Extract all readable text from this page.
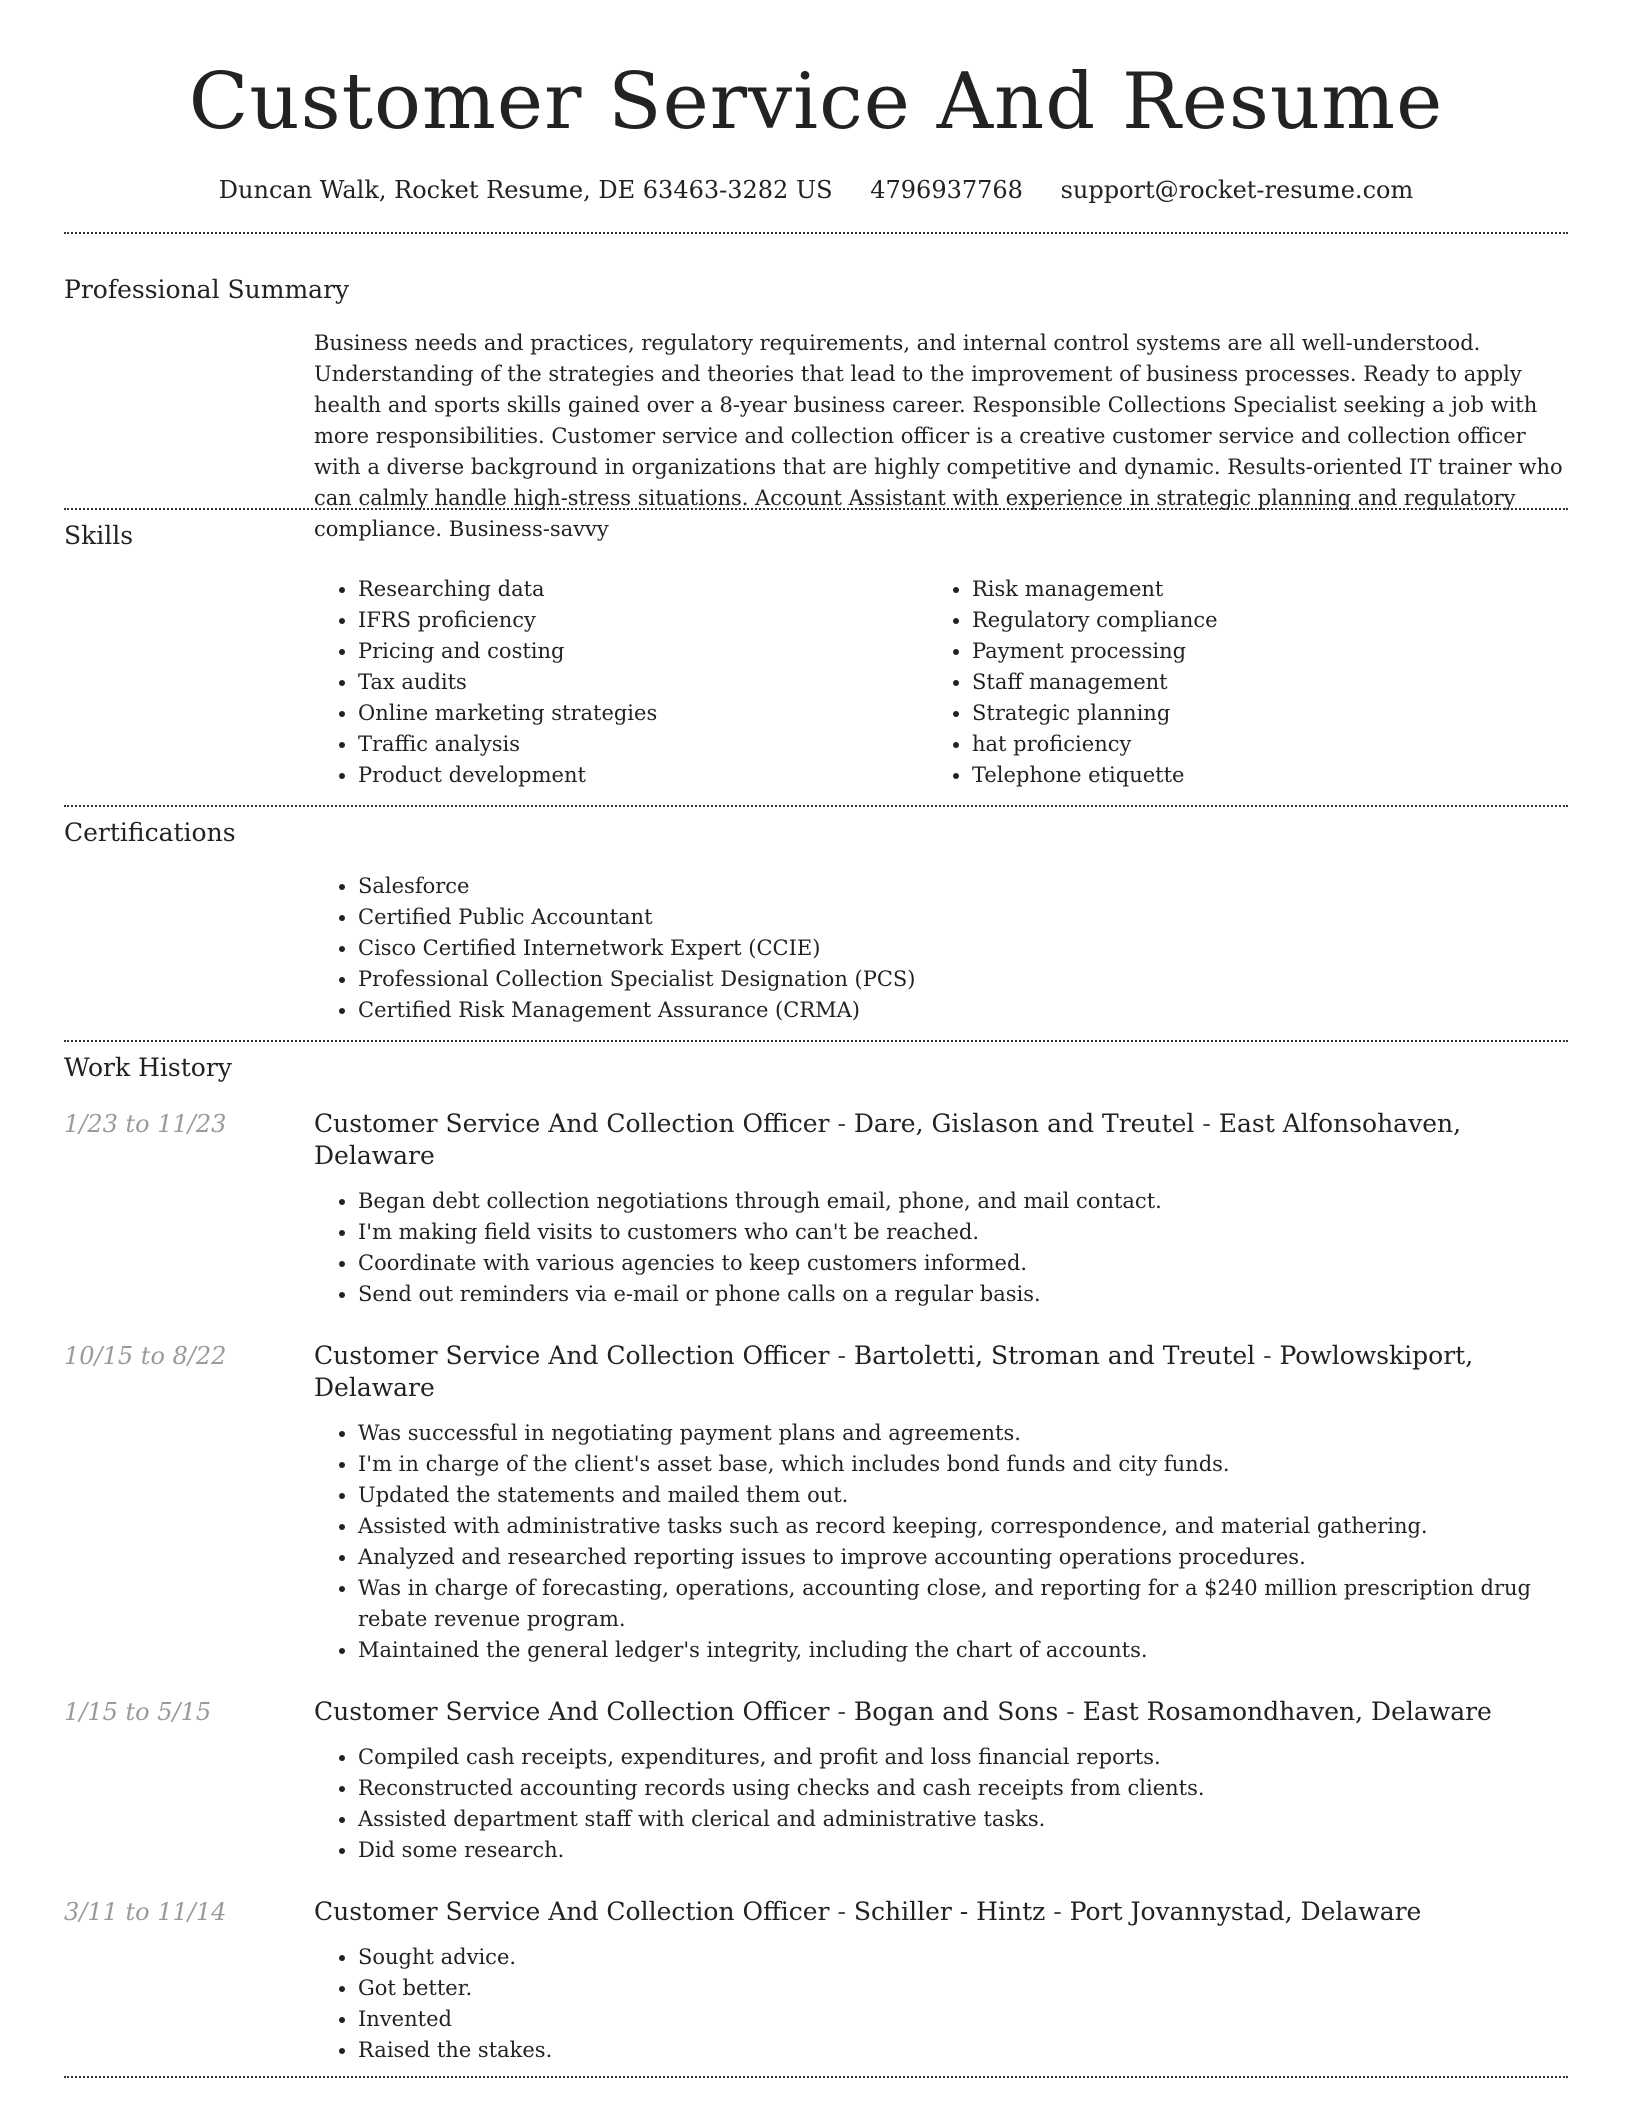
Customer Service And Resume
Duncan Walk, Rocket Resume, DE 63463-3282 US 4796937768 support@rocket-resume.com
Professional Summary

Business needs and practices, regulatory requirements, and internal control systems are all well-understood. Understanding of the strategies and theories that lead to the improvement of business processes. Ready to apply health and sports skills gained over a 8-year business career. Responsible Collections Specialist seeking a job with more responsibilities. Customer service and collection officer is a creative customer service and collection officer with a diverse background in organizations that are highly competitive and dynamic. Results-oriented IT trainer who can calmly handle high-stress situations. Account Assistant with experience in strategic planning and regulatory compliance. Business-savvy

Skills
• Researching data
• IFRS proficiency
• Pricing and costing
• Tax audits
• Online marketing strategies
• Traffic analysis
• Product development
• Risk management
• Regulatory compliance
• Payment processing
• Staff management
• Strategic planning
• hat proficiency
• Telephone etiquette
Certifications
• Salesforce
• Certified Public Accountant
• Cisco Certified Internetwork Expert (CCIE)
• Professional Collection Specialist Designation (PCS)
• Certified Risk Management Assurance (CRMA)
Work History
1/23 to 11/23	Customer Service And Collection Officer - Dare, Gislason and Treutel - East Alfonsohaven, Delaware
• Began debt collection negotiations through email, phone, and mail contact.
• I'm making field visits to customers who can't be reached.
• Coordinate with various agencies to keep customers informed.
• Send out reminders via e-mail or phone calls on a regular basis.
10/15 to 8/22	Customer Service And Collection Officer - Bartoletti, Stroman and Treutel - Powlowskiport, Delaware
• Was successful in negotiating payment plans and agreements.
• I'm in charge of the client's asset base, which includes bond funds and city funds.
• Updated the statements and mailed them out.
• Assisted with administrative tasks such as record keeping, correspondence, and material gathering.
• Analyzed and researched reporting issues to improve accounting operations procedures.
• Was in charge of forecasting, operations, accounting close, and reporting for a $240 million prescription drug rebate revenue program.
• Maintained the general ledger's integrity, including the chart of accounts.
1/15 to 5/15	Customer Service And Collection Officer - Bogan and Sons - East Rosamondhaven, Delaware
• Compiled cash receipts, expenditures, and profit and loss financial reports.
• Reconstructed accounting records using checks and cash receipts from clients.
• Assisted department staff with clerical and administrative tasks.
• Did some research.
3/11 to 11/14	Customer Service And Collection Officer - Schiller - Hintz - Port Jovannystad, Delaware
• Sought advice.
• Got better.
• Invented
• Raised the stakes.
